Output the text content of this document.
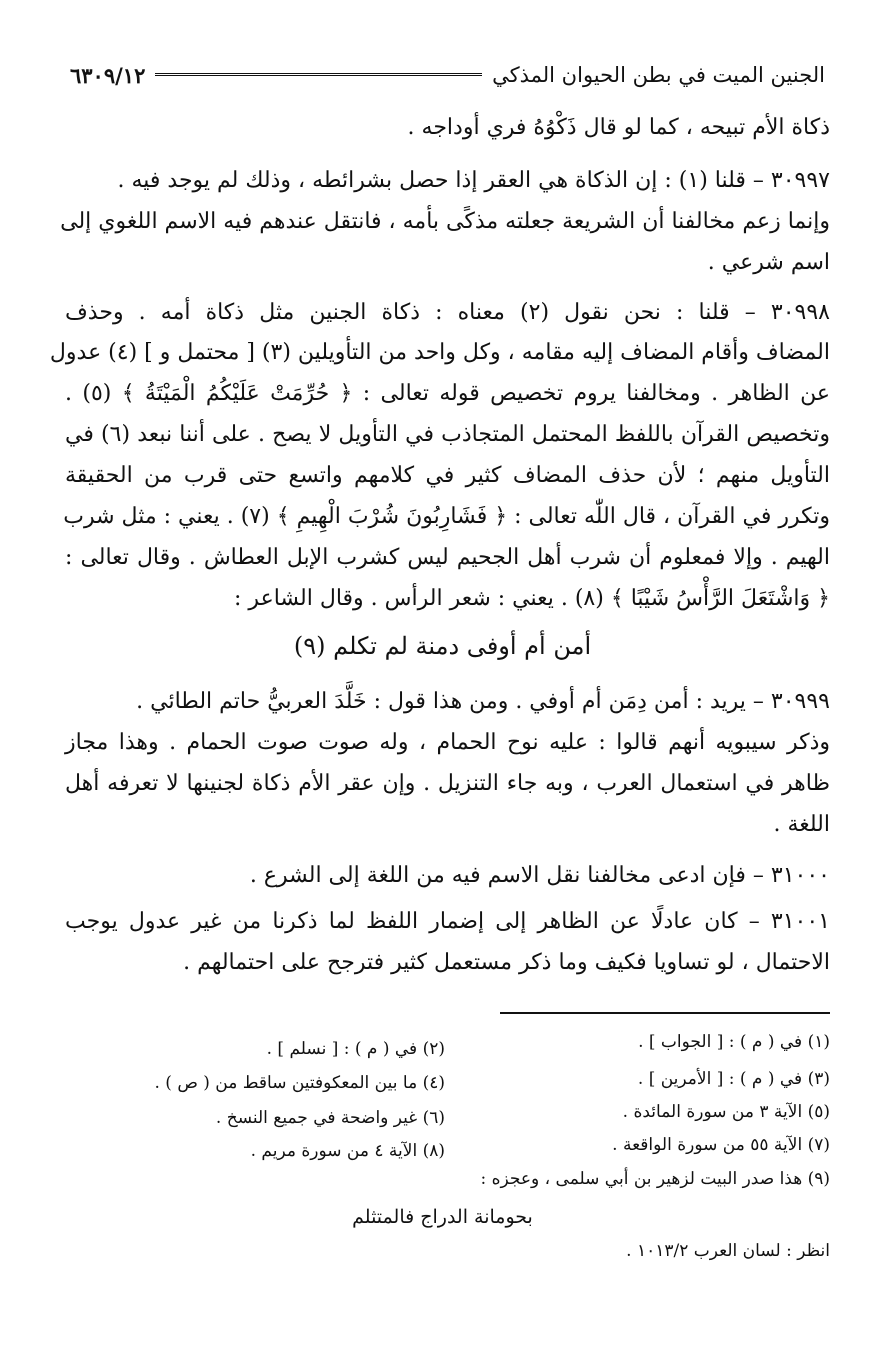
الجنين الميت في بطن الحيوان المذكي
٦٣٠٩/١٢
ذكاة الأم تبيحه ، كما لو قال ذَكْوُهُ فري أوداجه .
٣٠٩٩٧ – قلنا (١) : إن الذكاة هي العقر إذا حصل بشرائطه ، وذلك لم يوجد فيه .
وإنما زعم مخالفنا أن الشريعة جعلته مذكًى بأمه ، فانتقل عندهم فيه الاسم اللغوي إلى
اسم شرعي .
٣٠٩٩٨ – قلنا : نحن نقول (٢) معناه : ذكاة الجنين مثل ذكاة أمه . وحذف
المضاف وأقام المضاف إليه مقامه ، وكل واحد من التأويلين (٣) [ محتمل و ] (٤) عدول
عن الظاهر . ومخالفنا يروم تخصيص قوله تعالى : ﴿ حُرِّمَتْ عَلَيْكُمُ الْمَيْتَةُ ﴾ (٥) .
وتخصيص القرآن باللفظ المحتمل المتجاذب في التأويل لا يصح . على أننا نبعد (٦) في
التأويل منهم ؛ لأن حذف المضاف كثير في كلامهم واتسع حتى قرب من الحقيقة
وتكرر في القرآن ، قال اللّٰه تعالى : ﴿ فَشَارِبُونَ شُرْبَ الْهِيمِ ﴾ (٧) . يعني : مثل شرب
الهيم . وإلا فمعلوم أن شرب أهل الجحيم ليس كشرب الإبل العطاش . وقال تعالى :
﴿ وَاشْتَعَلَ الرَّأْسُ شَيْبًا ﴾ (٨) . يعني : شعر الرأس . وقال الشاعر :
أمن أم أوفى دمنة لم تكلم (٩)
٣٠٩٩٩ – يريد : أمن دِمَن أم أوفي . ومن هذا قول : خَلَّدَ العربيُّ حاتم الطائي .
وذكر سيبويه أنهم قالوا : عليه نوح الحمام ، وله صوت صوت الحمام . وهذا مجاز
ظاهر في استعمال العرب ، وبه جاء التنزيل . وإن عقر الأم ذكاة لجنينها لا تعرفه أهل
اللغة .
٣١٠٠٠ – فإن ادعى مخالفنا نقل الاسم فيه من اللغة إلى الشرع .
٣١٠٠١ – كان عادلًا عن الظاهر إلى إضمار اللفظ لما ذكرنا من غير عدول يوجب
الاحتمال ، لو تساويا فكيف وما ذكر مستعمل كثير فترجح على احتمالهم .
(١) في ( م ) : [ الجواب ] .
(٢) في ( م ) : [ نسلم ] .
(٣) في ( م ) : [ الأمرين ] .
(٤) ما بين المعكوفتين ساقط من ( ص ) .
(٥) الآية ٣ من سورة المائدة .
(٦) غير واضحة في جميع النسخ .
(٧) الآية ٥٥ من سورة الواقعة .
(٨) الآية ٤ من سورة مريم .
(٩) هذا صدر البيت لزهير بن أبي سلمى ، وعجزه :
بحومانة الدراج فالمتثلم
انظر : لسان العرب ١٠١٣/٢ .
